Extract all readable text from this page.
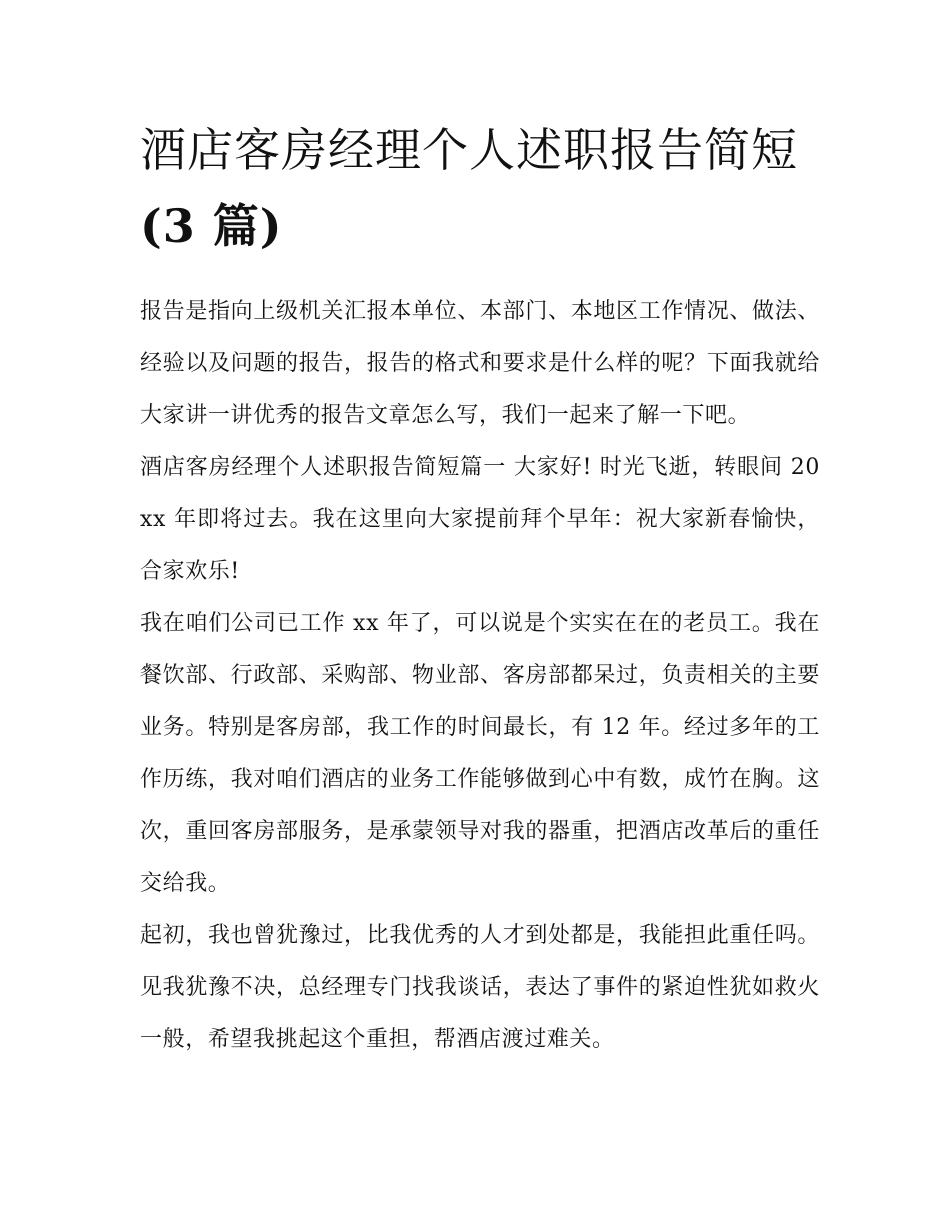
酒店客房经理个人述职报告简短(3 篇)

报告是指向上级机关汇报本单位、本部门、本地区工作情况、做法、经验以及问题的报告，报告的格式和要求是什么样的呢？下面我就给大家讲一讲优秀的报告文章怎么写，我们一起来了解一下吧。

酒店客房经理个人述职报告简短篇一 大家好! 时光飞逝，转眼间 20xx 年即将过去。我在这里向大家提前拜个早年：祝大家新春愉快，合家欢乐!

我在咱们公司已工作 xx 年了，可以说是个实实在在的老员工。我在餐饮部、行政部、采购部、物业部、客房部都呆过，负责相关的主要业务。特别是客房部，我工作的时间最长，有 12 年。经过多年的工作历练，我对咱们酒店的业务工作能够做到心中有数，成竹在胸。这次，重回客房部服务，是承蒙领导对我的器重，把酒店改革后的重任交给我。

起初，我也曾犹豫过，比我优秀的人才到处都是，我能担此重任吗。见我犹豫不决，总经理专门找我谈话，表达了事件的紧迫性犹如救火一般，希望我挑起这个重担，帮酒店渡过难关。
